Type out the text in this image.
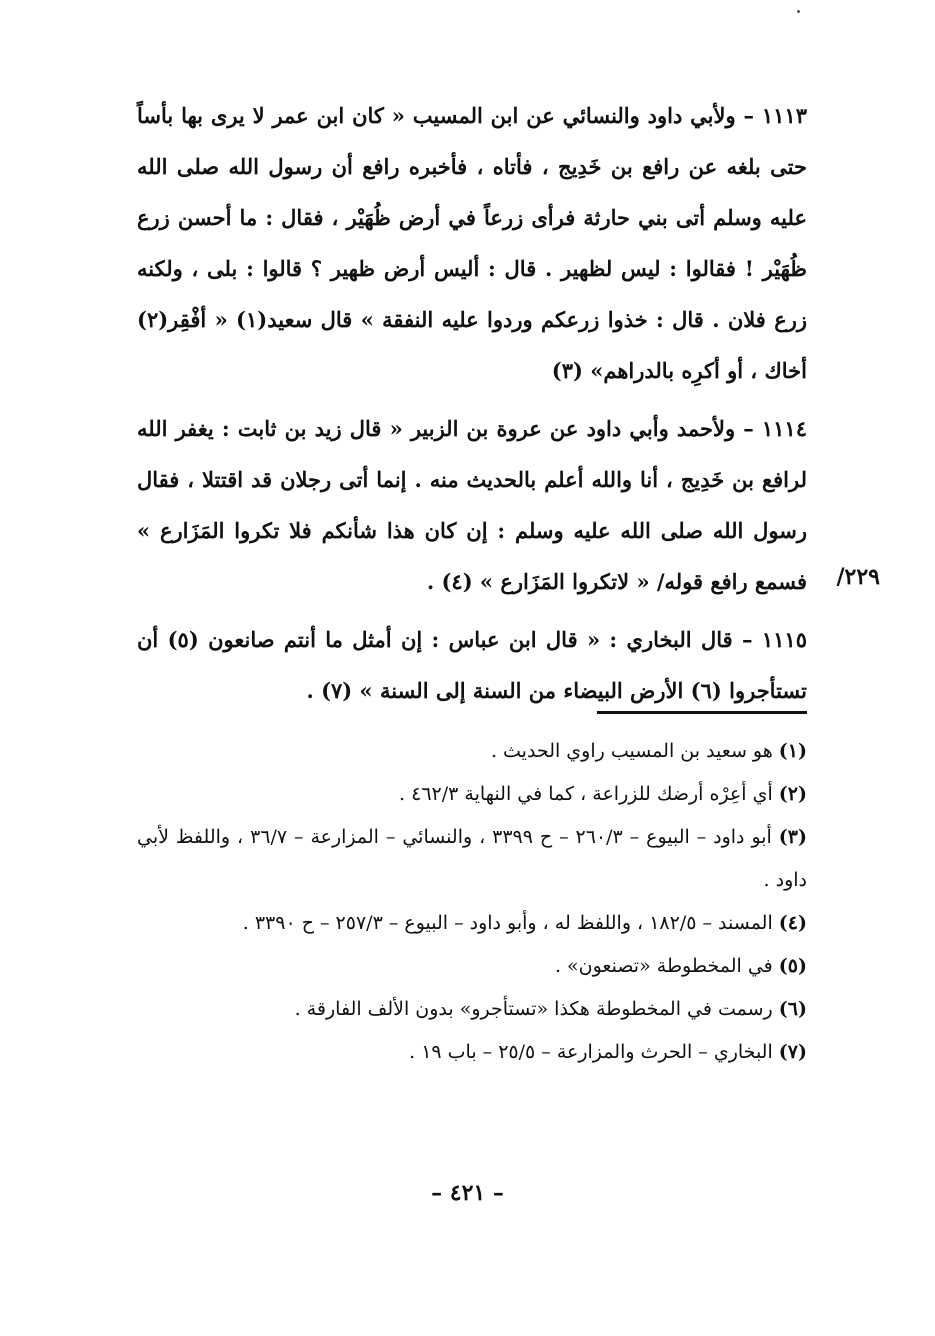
١١١٣ – ولأبي داود والنسائي عن ابن المسيب « كان ابن عمر لا يرى بها بأساً حتى بلغه عن رافع بن خَدِيج ، فأتاه ، فأخبره رافع أن رسول الله صلى الله عليه وسلم أتى بني حارثة فرأى زرعاً في أرض ظُهَيْر ، فقال : ما أحسن زرع ظُهَيْر ! فقالوا : ليس لظهير . قال : أليس أرض ظهير ؟ قالوا : بلى ، ولكنه زرع فلان . قال : خذوا زرعكم وردوا عليه النفقة » قال سعيد(١) « أفْقِر(٢) أخاك ، أو أكرِه بالدراهم» (٣)

١١١٤ – ولأحمد وأبي داود عن عروة بن الزبير « قال زيد بن ثابت : يغفر الله لرافع بن خَدِيج ، أنا والله أعلم بالحديث منه . إنما أتى رجلان قد اقتتلا ، فقال رسول الله صلى الله عليه وسلم : إن كان هذا شأنكم فلا تكروا المَزَارع » فسمع رافع قوله/ « لاتكروا المَزَارع » (٤) .

١١١٥ – قال البخاري : « قال ابن عباس : إن أمثل ما أنتم صانعون (٥) أن تستأجروا (٦) الأرض البيضاء من السنة إلى السنة » (٧) .

٢٢٩/

(١) هو سعيد بن المسيب راوي الحديث .

(٢) أي أعِرْه أرضك للزراعة ، كما في النهاية ٤٦٢/٣ .

(٣) أبو داود – البيوع – ٢٦٠/٣ – ح ٣٣٩٩ ، والنسائي – المزارعة – ٣٦/٧ ، واللفظ لأبي داود .

(٤) المسند – ١٨٢/٥ ، واللفظ له ، وأبو داود – البيوع – ٢٥٧/٣ – ح ٣٣٩٠ .

(٥) في المخطوطة «تصنعون» .

(٦) رسمت في المخطوطة هكذا «تستأجرو» بدون الألف الفارقة .

(٧) البخاري – الحرث والمزارعة – ٢٥/٥ – باب ١٩ .

– ٤٢١ –
